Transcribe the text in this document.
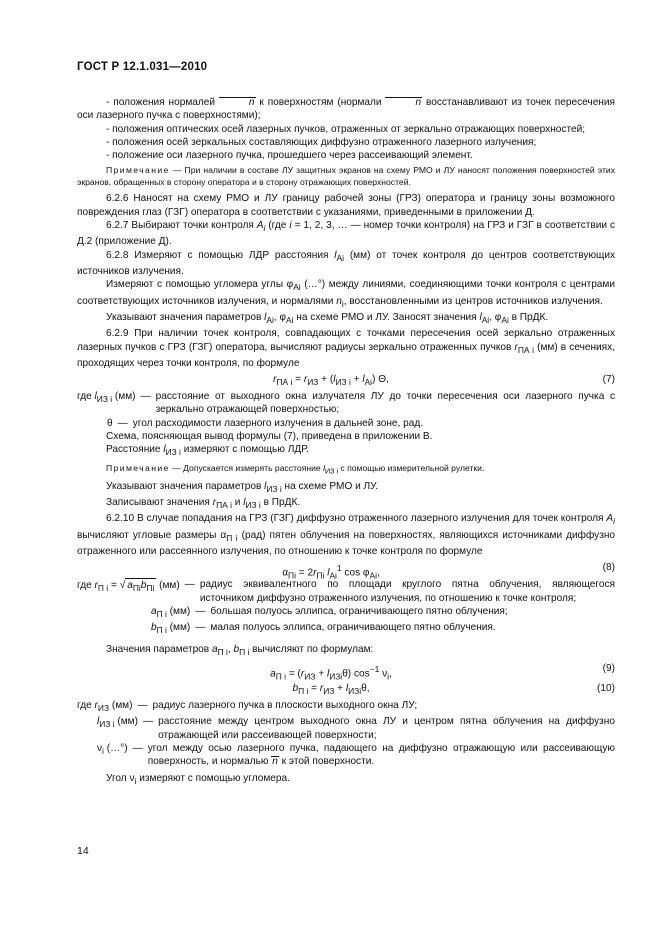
ГОСТ Р 12.1.031—2010

- положения нормалей	n к поверхностям (нормали	n восстанавливают из точек пересечения оси лазерного пучка с поверхностями);

- положения оптических осей лазерных пучков, отраженных от зеркально отражающих поверхностей;

- положения осей зеркальных составляющих диффузно отраженного лазерного излучения;

- положение оси лазерного пучка, прошедшего через рассеивающий элемент.

Примечание — При наличии в составе ЛУ защитных экранов на схему РМО и ЛУ наносят положения поверхностей этих экранов, обращенных в сторону оператора и в сторону отражающих поверхностей.

6.2.6 Наносят на схему РМО и ЛУ границу рабочей зоны (ГРЗ) оператора и границу зоны возможного повреждения глаз (ГЗГ) оператора в соответствии с указаниями, приведенными в приложении Д.

6.2.7 Выбирают точки контроля $A_i$ (где i = 1, 2, 3, … — номер точки контроля) на ГРЗ и ГЗГ в соответствии с Д.2 (приложение Д).

6.2.8 Измеряют с помощью ЛДР расстояния $l_{Ai}$ (мм) от точек контроля до центров соответствующих источников излучения.

Измеряют с помощью угломера углы $\varphi_{Ai}$ (…°) между линиями, соединяющими точки контроля с центрами соответствующих источников излучения, и нормалями $n_i$, восстановленными из центров источников излучения.

Указывают значения параметров $l_{Ai}$, $\varphi_{Ai}$ на схеме РМО и ЛУ. Заносят значения $l_{Ai}$, $\varphi_{Ai}$ в ПрДК.

6.2.9 При наличии точек контроля, совпадающих с точками пересечения осей зеркально отраженных лазерных пучков с ГРЗ (ГЗГ) оператора, вычисляют радиусы зеркально отраженных пучков $r_{ПА i}$ (мм) в сечениях, проходящих через точки контроля, по формуле

$r_{ПА i} = r_{ИЗ} + (l_{ИЗ i} + l_{Ai})$ Θ,	(7)
где $l_{ИЗ i}$ (мм) — расстояние от выходного окна излучателя ЛУ до точки пересечения оси лазерного пучка с зеркально отражающей поверхностью;
θ — угол расходимости лазерного излучения в дальней зоне, рад.

Схема, поясняющая вывод формулы (7), приведена в приложении В.

Расстояние $l_{ИЗ i}$ измеряют с помощью ЛДР.

Примечание — Допускается измерять расстояние $l_{ИЗ i}$ с помощью измерительной рулетки.

Указывают значения параметров $l_{ИЗ i}$ на схеме РМО и ЛУ.

Записывают значения $r_{ПА i}$ и $l_{ИЗ i}$ в ПрДК.

6.2.10 В случае попадания на ГРЗ (ГЗГ) диффузно отраженного лазерного излучения для точек контроля $A_i$ вычисляют угловые размеры $\alpha_{П i}$ (рад) пятен облучения на поверхностях, являющихся источниками диффузно отраженного или рассеянного излучения, по отношению к точке контроля по формуле

$\alpha_{Пi} = 2r_{Пi}$ $l_{Ai}^1$ $\cos \varphi_{Ai}$,	(8)
где $r_{П i}$ = √ $a_{Пi}b_{Пi}$ (мм) — радиус эквивалентного по площади круглого пятна облучения, являющегося источником диффузно отраженного излучения, по отношению к точке контроля;
$a_{П i}$ (мм) — большая полуось эллипса, ограничивающего пятно облучения;
$b_{П i}$ (мм) — малая полуось эллипса, ограничивающего пятно облучения.

Значения параметров $a_{П i}$, $b_{П i}$ вычисляют по формулам:

$a_{П i} = (r_{ИЗ} + l_{ИЗi}\theta)$ $\cos^{-1} \nu_i$,	(9)
$b_{П i} = r_{ИЗ} + l_{ИЗi}\theta$,	(10)
где $r_{ИЗ}$ (мм) — радиус лазерного пучка в плоскости выходного окна ЛУ;
$l_{ИЗ i}$ (мм) — расстояние между центром выходного окна ЛУ и центром пятна облучения на диффузно отражающей или рассеивающей поверхности;
$\nu_i$ (…°) — угол между осью лазерного пучка, падающего на диффузно отражающую или рассеивающую поверхность, и нормалью n к этой поверхности.

Угол $\nu_i$ измеряют с помощью угломера.

14
